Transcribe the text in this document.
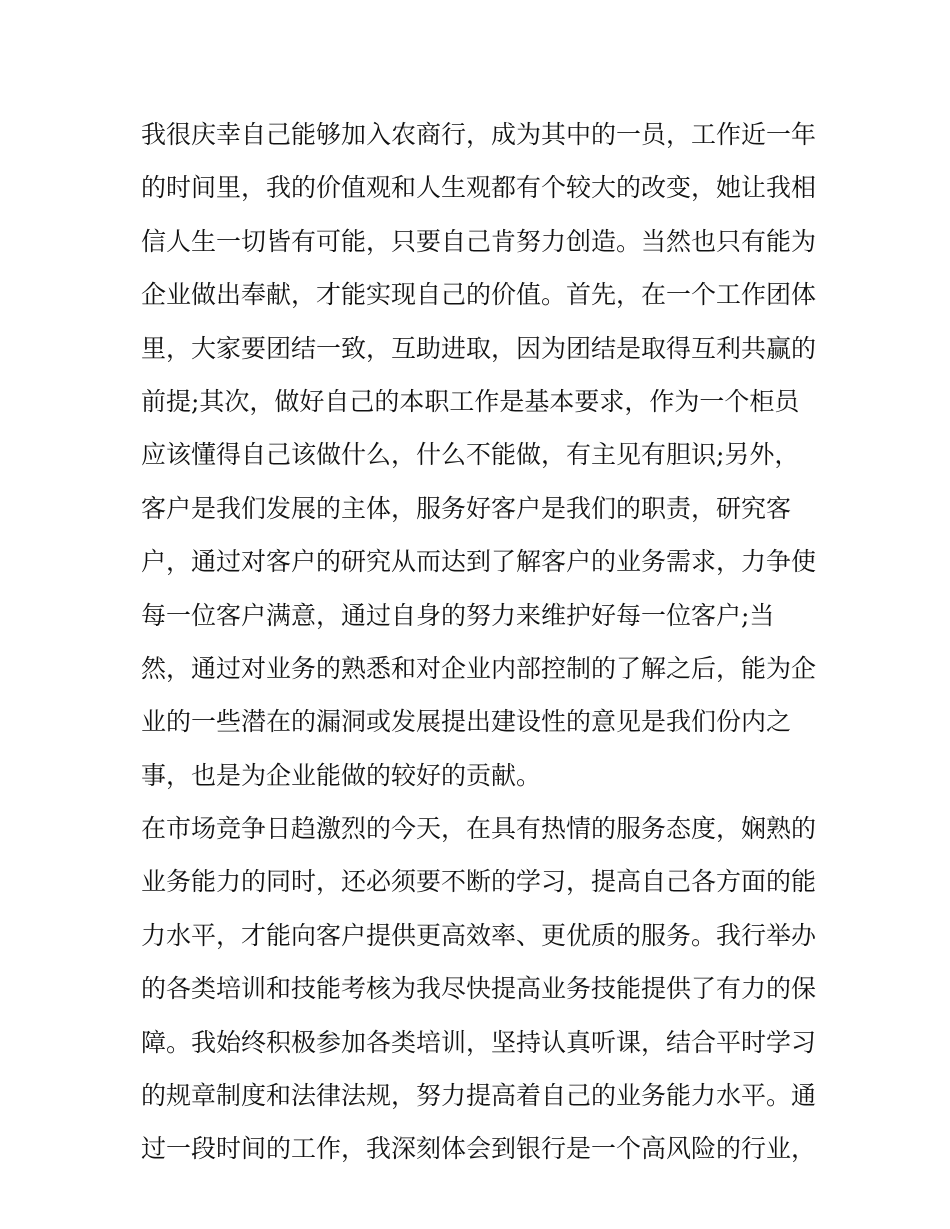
我很庆幸自己能够加入农商行，成为其中的一员，工作近一年
的时间里，我的价值观和人生观都有个较大的改变，她让我相
信人生一切皆有可能，只要自己肯努力创造。当然也只有能为
企业做出奉献，才能实现自己的价值。首先，在一个工作团体
里，大家要团结一致，互助进取，因为团结是取得互利共赢的
前提;其次，做好自己的本职工作是基本要求，作为一个柜员
应该懂得自己该做什么，什么不能做，有主见有胆识;另外，
客户是我们发展的主体，服务好客户是我们的职责，研究客
户，通过对客户的研究从而达到了解客户的业务需求，力争使
每一位客户满意，通过自身的努力来维护好每一位客户;当
然，通过对业务的熟悉和对企业内部控制的了解之后，能为企
业的一些潜在的漏洞或发展提出建设性的意见是我们份内之
事，也是为企业能做的较好的贡献。
在市场竞争日趋激烈的今天，在具有热情的服务态度，娴熟的
业务能力的同时，还必须要不断的学习，提高自己各方面的能
力水平，才能向客户提供更高效率、更优质的服务。我行举办
的各类培训和技能考核为我尽快提高业务技能提供了有力的保
障。我始终积极参加各类培训，坚持认真听课，结合平时学习
的规章制度和法律法规，努力提高着自己的业务能力水平。通
过一段时间的工作，我深刻体会到银行是一个高风险的行业，
